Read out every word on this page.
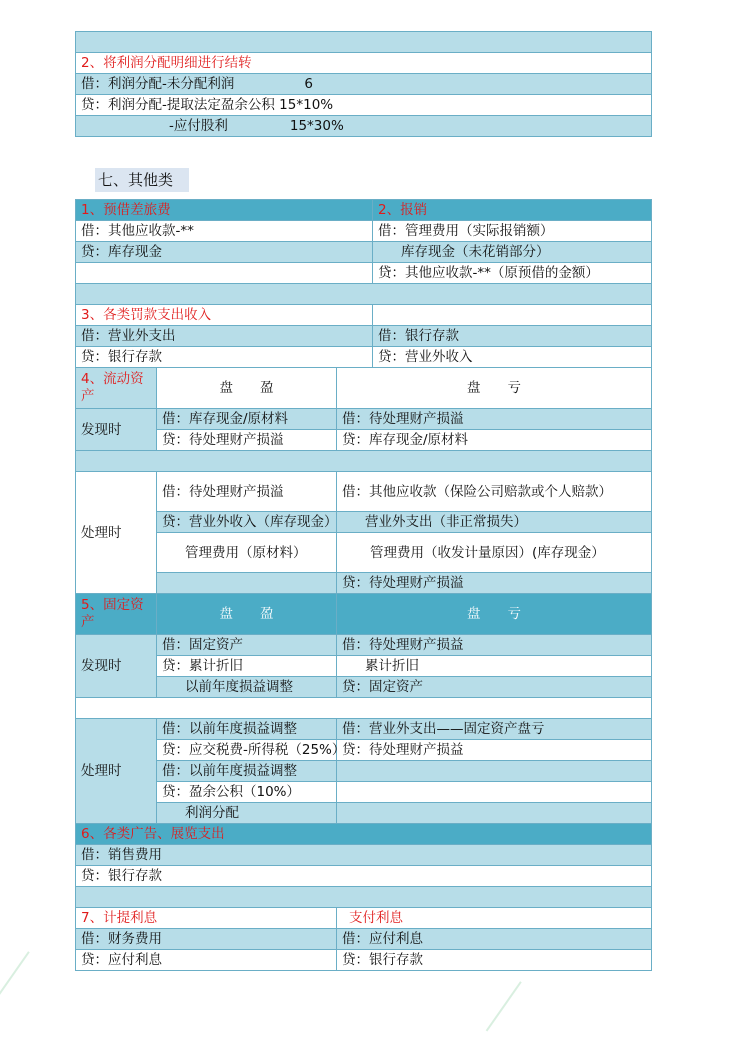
2、将利润分配明细进行结转
借：利润分配-未分配利润	6
贷：利润分配-提取法定盈余公积 15*10%
-应付股利	15*30%
七、其他类
1、预借差旅费			2、报销
借：其他应收款-**			借：管理费用（实际报销额）
贷：库存现金			库存现金（未花销部分）
			贷：其他应收款-**（原预借的金额）

3、各类罚款支出收入			
借：营业外支出			借：银行存款
贷：银行存款			贷：营业外收入
4、流动资产	盘　　盈	盘　　亏	
发现时	借：库存现金/原材料	借：待处理财产损溢	
	贷：待处理财产损溢	贷：库存现金/原材料	

处理时	借：待处理财产损溢	借：其他应收款（保险公司赔款或个人赔款）	

	贷：营业外收入（库存现金）	营业外支出（非正常损失）	
	管理费用（原材料）	管理费用（收发计量原因）(库存现金）	

		贷：待处理财产损溢	
5、固定资产	盘　　盈	盘　　亏	
发现时	借：固定资产	借：待处理财产损益	
	贷：累计折旧	累计折旧	
	以前年度损益调整	贷：固定资产	

处理时	借：以前年度损益调整	借：营业外支出——固定资产盘亏	
	贷：应交税费-所得税（25%）	贷：待处理财产损益	
	借：以前年度损益调整		
	贷：盈余公积（10%）		
	利润分配		
6、各类广告、展览支出			
借：销售费用			
贷：银行存款			

7、计提利息		支付利息	
借：财务费用		借：应付利息	
贷：应付利息		贷：银行存款	
